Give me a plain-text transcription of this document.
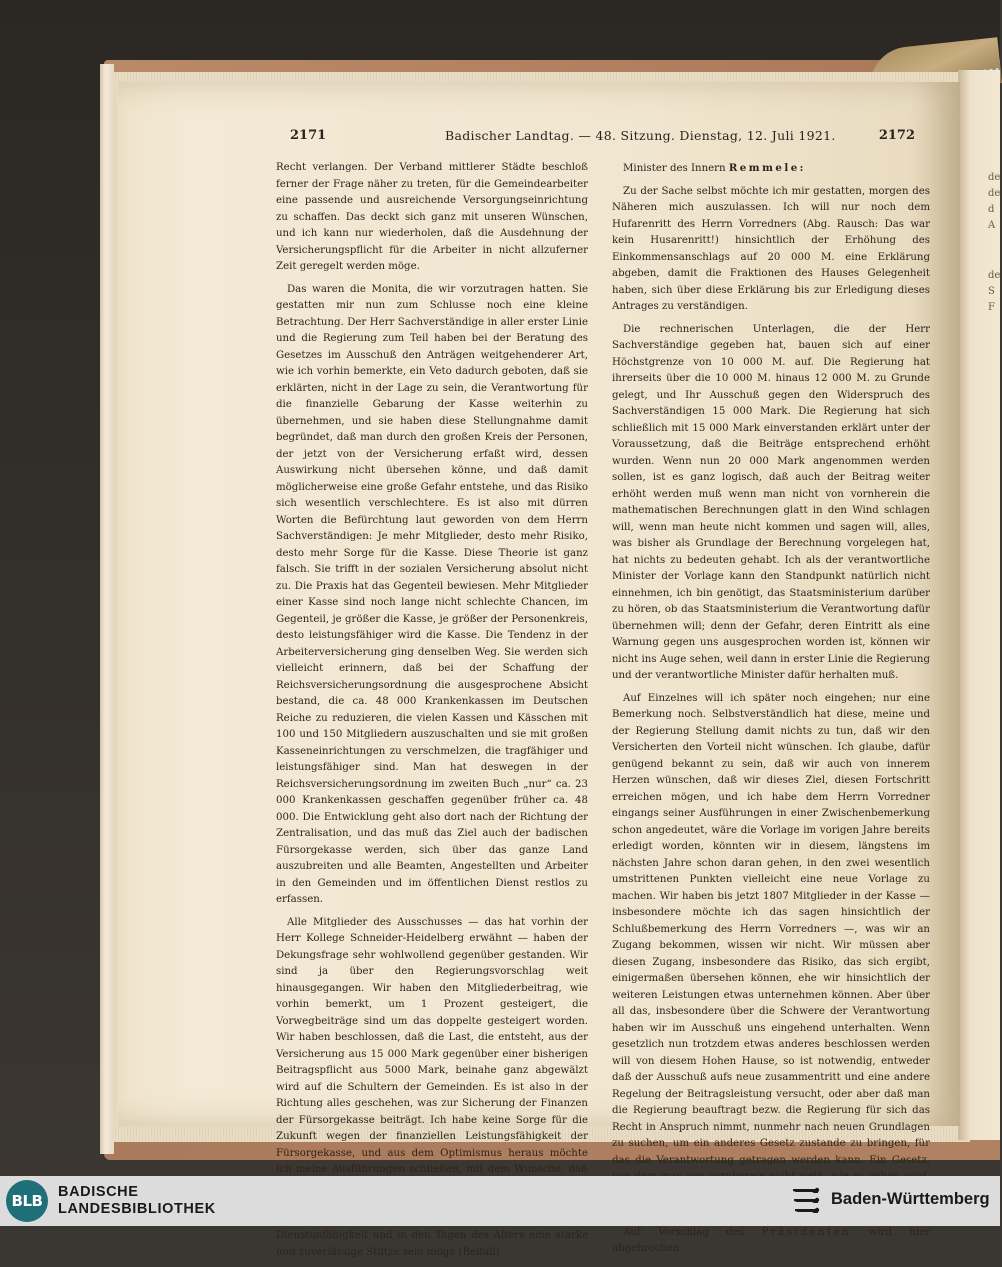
de
de
d
A
de
S
F
2171	Badischer Landtag. — 48. Sitzung. Dienstag, 12. Juli 1921.	2172

Recht verlangen. Der Verband mittlerer Städte beschloß ferner der Frage näher zu treten, für die Gemeindearbeiter eine passende und ausreichende Versorgungseinrichtung zu schaffen. Das deckt sich ganz mit unseren Wünschen, und ich kann nur wiederholen, daß die Ausdehnung der Versicherungspflicht für die Arbeiter in nicht allzuferner Zeit geregelt werden möge.

Das waren die Monita, die wir vorzutragen hatten. Sie gestatten mir nun zum Schlusse noch eine kleine Betrachtung. Der Herr Sachverständige in aller erster Linie und die Regierung zum Teil haben bei der Beratung des Gesetzes im Ausschuß den Anträgen weitgehenderer Art, wie ich vorhin bemerkte, ein Veto dadurch geboten, daß sie erklärten, nicht in der Lage zu sein, die Verantwortung für die finanzielle Gebarung der Kasse weiterhin zu übernehmen, und sie haben diese Stellungnahme damit begründet, daß man durch den großen Kreis der Personen, der jetzt von der Versicherung erfaßt wird, dessen Auswirkung nicht übersehen könne, und daß damit möglicherweise eine große Gefahr entstehe, und das Risiko sich wesentlich verschlechtere. Es ist also mit dürren Worten die Befürchtung laut geworden von dem Herrn Sachverständigen: Je mehr Mitglieder, desto mehr Risiko, desto mehr Sorge für die Kasse. Diese Theorie ist ganz falsch. Sie trifft in der sozialen Versicherung absolut nicht zu. Die Praxis hat das Gegenteil bewiesen. Mehr Mitglieder einer Kasse sind noch lange nicht schlechte Chancen, im Gegenteil, je größer die Kasse, je größer der Personenkreis, desto leistungsfähiger wird die Kasse. Die Tendenz in der Arbeiterversicherung ging denselben Weg. Sie werden sich vielleicht erinnern, daß bei der Schaffung der Reichsversicherungsordnung die ausgesprochene Absicht bestand, die ca. 48 000 Krankenkassen im Deutschen Reiche zu reduzieren, die vielen Kassen und Kässchen mit 100 und 150 Mitgliedern auszuschalten und sie mit großen Kasseneinrichtungen zu verschmelzen, die tragfähiger und leistungsfähiger sind. Man hat deswegen in der Reichsversicherungsordnung im zweiten Buch „nur“ ca. 23 000 Krankenkassen geschaffen gegenüber früher ca. 48 000. Die Entwicklung geht also dort nach der Richtung der Zentralisation, und das muß das Ziel auch der badischen Fürsorgekasse werden, sich über das ganze Land auszubreiten und alle Beamten, Angestellten und Arbeiter in den Gemeinden und im öffentlichen Dienst restlos zu erfassen.

Alle Mitglieder des Ausschusses — das hat vorhin der Herr Kollege Schneider-Heidelberg erwähnt — haben der Dekungsfrage sehr wohlwollend gegenüber gestanden. Wir sind ja über den Regierungsvorschlag weit hinausgegangen. Wir haben den Mitgliederbeitrag, wie vorhin bemerkt, um 1 Prozent gesteigert, die Vorwegbeiträge sind um das doppelte gesteigert worden. Wir haben beschlossen, daß die Last, die entsteht, aus der Versicherung aus 15 000 Mark gegenüber einer bisherigen Beitragspflicht aus 5000 Mark, beinahe ganz abgewälzt wird auf die Schultern der Gemeinden. Es ist also in der Richtung alles geschehen, was zur Sicherung der Finanzen der Fürsorgekasse beiträgt. Ich habe keine Sorge für die Zukunft wegen der finanziellen Leistungsfähigkeit der Fürsorgekasse, und aus dem Optimismus heraus möchte ich meine Ausführungen schließen, mit dem Wunsche, daß Dienstunfähigkeit und in den Tagen des Alters eine starke und zuverlässige Stütze sein möge (Beifall).

Minister des Innern Remmele:

Zu der Sache selbst möchte ich mir gestatten, morgen des Näheren mich auszulassen. Ich will nur noch dem Hufarenritt des Herrn Vorredners (Abg. Rausch: Das war kein Husarenritt!) hinsichtlich der Erhöhung des Einkommensanschlags auf 20 000 M. eine Erklärung abgeben, damit die Fraktionen des Hauses Gelegenheit haben, sich über diese Erklärung bis zur Erledigung dieses Antrages zu verständigen.

Die rechnerischen Unterlagen, die der Herr Sachverständige gegeben hat, bauen sich auf einer Höchstgrenze von 10 000 M. auf. Die Regierung hat ihrerseits über die 10 000 M. hinaus 12 000 M. zu Grunde gelegt, und Ihr Ausschuß gegen den Widerspruch des Sachverständigen 15 000 Mark. Die Regierung hat sich schließlich mit 15 000 Mark einverstanden erklärt unter der Voraussetzung, daß die Beiträge entsprechend erhöht wurden. Wenn nun 20 000 Mark angenommen werden sollen, ist es ganz logisch, daß auch der Beitrag weiter erhöht werden muß wenn man nicht von vornherein die mathematischen Berechnungen glatt in den Wind schlagen will, wenn man heute nicht kommen und sagen will, alles, was bisher als Grundlage der Berechnung vorgelegen hat, hat nichts zu bedeuten gehabt. Ich als der verantwortliche Minister der Vorlage kann den Standpunkt natürlich nicht einnehmen, ich bin genötigt, das Staatsministerium darüber zu hören, ob das Staatsministerium die Verantwortung dafür übernehmen will; denn der Gefahr, deren Eintritt als eine Warnung gegen uns ausgesprochen worden ist, können wir nicht ins Auge sehen, weil dann in erster Linie die Regierung und der verantwortliche Minister dafür herhalten muß.

Auf Einzelnes will ich später noch eingehen; nur eine Bemerkung noch. Selbstverständlich hat diese, meine und der Regierung Stellung damit nichts zu tun, daß wir den Versicherten den Vorteil nicht wünschen. Ich glaube, dafür genügend bekannt zu sein, daß wir auch von innerem Herzen wünschen, daß wir dieses Ziel, diesen Fortschritt erreichen mögen, und ich habe dem Herrn Vorredner eingangs seiner Ausführungen in einer Zwischenbemerkung schon angedeutet, wäre die Vorlage im vorigen Jahre bereits erledigt worden, könnten wir in diesem, längstens im nächsten Jahre schon daran gehen, in den zwei wesentlich umstrittenen Punkten vielleicht eine neue Vorlage zu machen. Wir haben bis jetzt 1807 Mitglieder in der Kasse — insbesondere möchte ich das sagen hinsichtlich der Schlußbemerkung des Herrn Vorredners —, was wir an Zugang bekommen, wissen wir nicht. Wir müssen aber diesen Zugang, insbesondere das Risiko, das sich ergibt, einigermaßen übersehen können, ehe wir hinsichtlich der weiteren Leistungen etwas unternehmen können. Aber über all das, insbesondere über die Schwere der Verantwortung haben wir im Ausschuß uns eingehend unterhalten. Wenn gesetzlich nun trotzdem etwas anderes beschlossen werden will von diesem Hohen Hause, so ist notwendig, entweder daß der Ausschuß aufs neue zusammentritt und eine andere Regelung der Beitragsleistung versucht, oder aber daß man die Regierung beauftragt bezw. die Regierung für sich das Recht in Anspruch nimmt, nunmehr nach neuen Grundlagen zu suchen, um ein anderes Gesetz zustande zu bringen, für das die Verantwortung getragen werden kann. Ein Gesetz,

Auf Vorschlag des Präsidenten wird hier abgebrochen.

BLB	BADISCHE
LANDESBIBLIOTHEK
Baden-Württemberg
